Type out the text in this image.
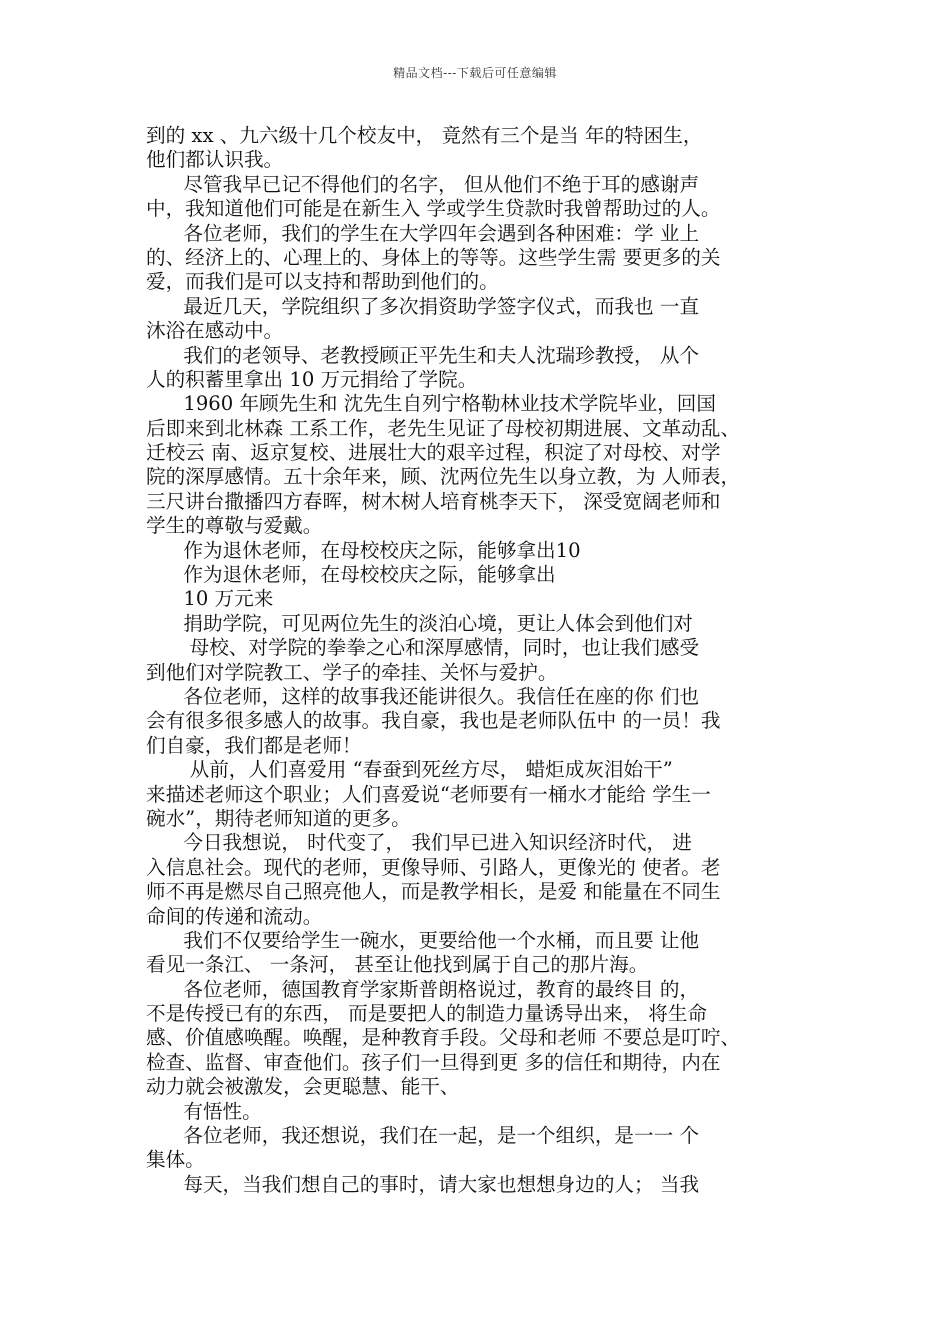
精品文档---下载后可任意编辑
到的 xx 、九六级十几个校友中， 竟然有三个是当 年的特困生，
他们都认识我。
尽管我早已记不得他们的名字， 但从他们不绝于耳的感谢声
中，我知道他们可能是在新生入 学或学生贷款时我曾帮助过的人。
各位老师，我们的学生在大学四年会遇到各种困难：学 业上
的、经济上的、心理上的、身体上的等等。这些学生需 要更多的关
爱，而我们是可以支持和帮助到他们的。
最近几天，学院组织了多次捐资助学签字仪式，而我也 一直
沐浴在感动中。
我们的老领导、老教授顾正平先生和夫人沈瑞珍教授， 从个
人的积蓄里拿出 10 万元捐给了学院。
1960 年顾先生和 沈先生自列宁格勒林业技术学院毕业，回国
后即来到北林森 工系工作，老先生见证了母校初期进展、文革动乱、
迁校云 南、返京复校、进展壮大的艰辛过程，积淀了对母校、对学
院的深厚感情。五十余年来，顾、沈两位先生以身立教，为 人师表，
三尺讲台撒播四方春晖，树木树人培育桃李天下， 深受宽阔老师和
学生的尊敬与爱戴。
作为退休老师，在母校校庆之际，能够拿出10
作为退休老师，在母校校庆之际，能够拿出
10 万元来
捐助学院，可见两位先生的淡泊心境，更让人体会到他们对
母校、对学院的拳拳之心和深厚感情，同时，也让我们感受
到他们对学院教工、学子的牵挂、关怀与爱护。
各位老师，这样的故事我还能讲很久。我信任在座的你 们也
会有很多很多感人的故事。我自豪，我也是老师队伍中 的一员！我
们自豪，我们都是老师！
从前，人们喜爱用 “春蚕到死丝方尽， 蜡炬成灰泪始干”
来描述老师这个职业；人们喜爱说“老师要有一桶水才能给 学生一
碗水”，期待老师知道的更多。
今日我想说， 时代变了， 我们早已进入知识经济时代， 进
入信息社会。现代的老师，更像导师、引路人，更像光的 使者。老
师不再是燃尽自己照亮他人，而是教学相长，是爱 和能量在不同生
命间的传递和流动。
我们不仅要给学生一碗水，更要给他一个水桶，而且要 让他
看见一条江、 一条河， 甚至让他找到属于自己的那片海。
各位老师，德国教育学家斯普朗格说过，教育的最终目 的，
不是传授已有的东西， 而是要把人的制造力量诱导出来， 将生命
感、价值感唤醒。唤醒，是种教育手段。父母和老师 不要总是叮咛、
检查、监督、审查他们。孩子们一旦得到更 多的信任和期待，内在
动力就会被激发，会更聪慧、能干、
有悟性。
各位老师，我还想说，我们在一起，是一个组织，是一一 个
集体。
每天，当我们想自己的事时，请大家也想想身边的人； 当我
